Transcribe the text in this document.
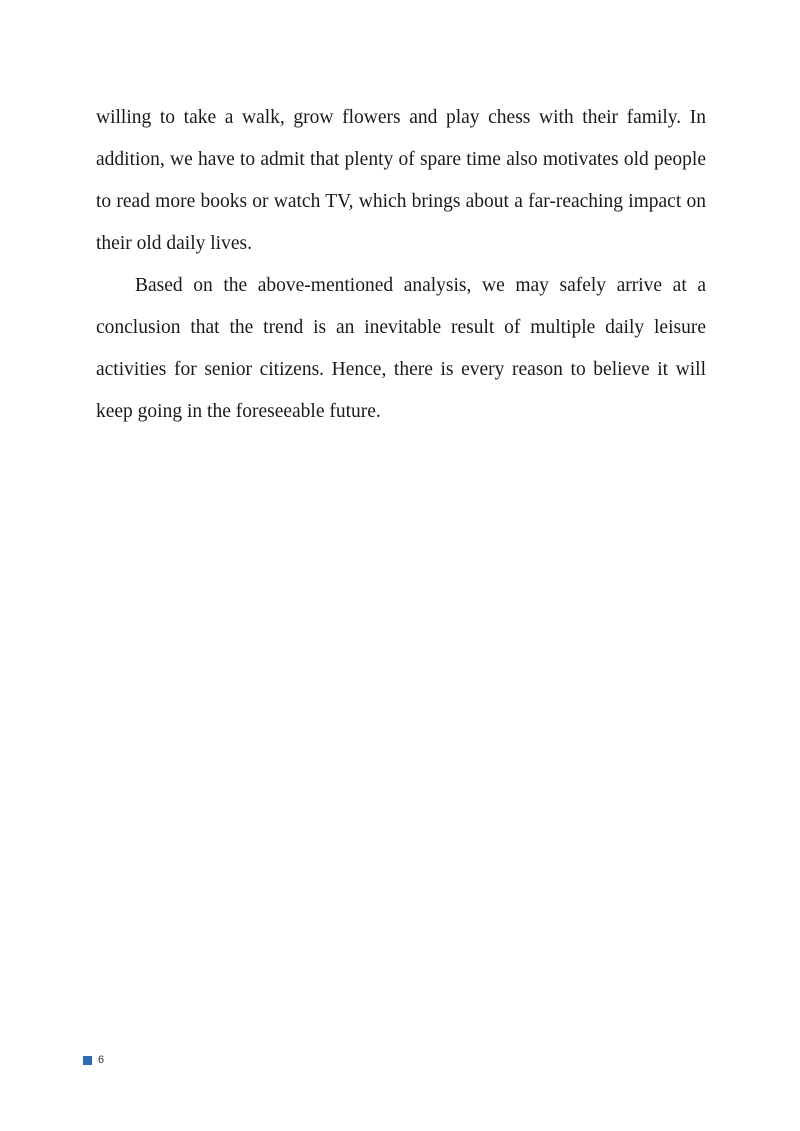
willing to take a walk, grow flowers and play chess with their family. In addition, we have to admit that plenty of spare time also motivates old people to read more books or watch TV, which brings about a far-reaching impact on their old daily lives.

Based on the above-mentioned analysis, we may safely arrive at a conclusion that the trend is an inevitable result of multiple daily leisure activities for senior citizens. Hence, there is every reason to believe it will keep going in the foreseeable future.

6
